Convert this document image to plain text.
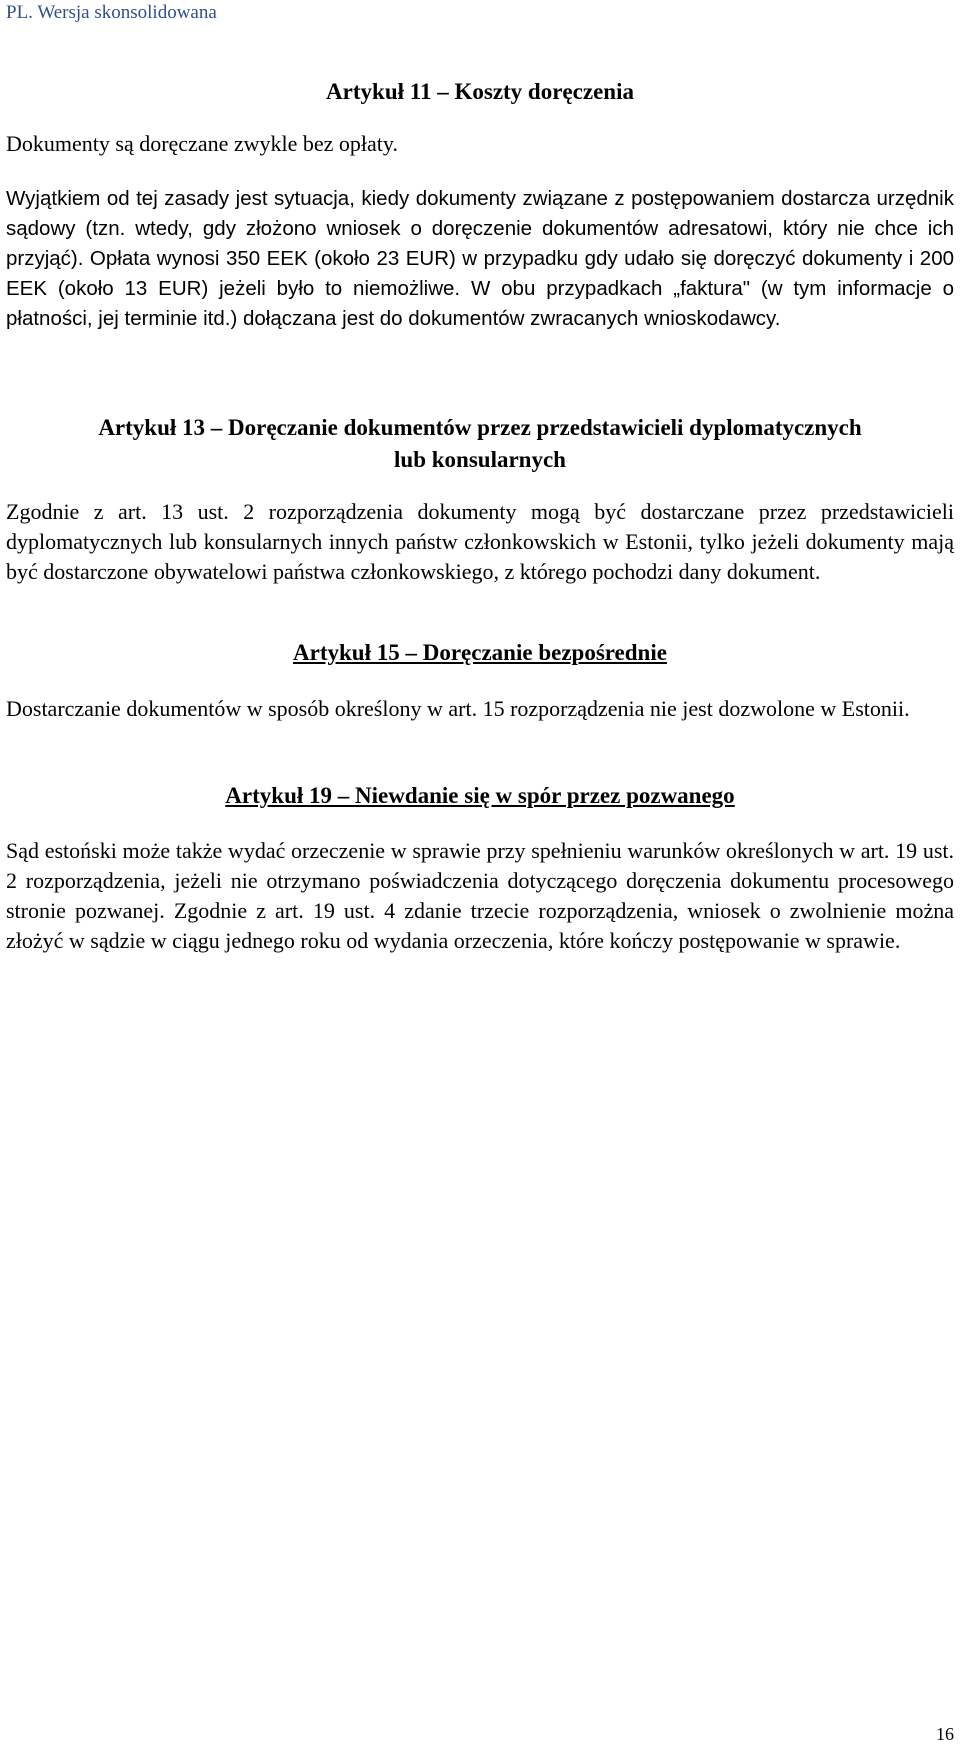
PL. Wersja skonsolidowana
Artykuł 11 – Koszty doręczenia

Dokumenty są doręczane zwykle bez opłaty.

Wyjątkiem od tej zasady jest sytuacja, kiedy dokumenty związane z postępowaniem dostarcza urzędnik sądowy (tzn. wtedy, gdy złożono wniosek o doręczenie dokumentów adresatowi, który nie chce ich przyjąć). Opłata wynosi 350 EEK (około 23 EUR) w przypadku gdy udało się doręczyć dokumenty i 200 EEK (około 13 EUR) jeżeli było to niemożliwe. W obu przypadkach „faktura" (w tym informacje o płatności, jej terminie itd.) dołączana jest do dokumentów zwracanych wnioskodawcy.

Artykuł 13 – Doręczanie dokumentów przez przedstawicieli dyplomatycznych lub konsularnych

Zgodnie z art. 13 ust. 2 rozporządzenia dokumenty mogą być dostarczane przez przedstawicieli dyplomatycznych lub konsularnych innych państw członkowskich w Estonii, tylko jeżeli dokumenty mają być dostarczone obywatelowi państwa członkowskiego, z którego pochodzi dany dokument.

Artykuł 15 – Doręczanie bezpośrednie

Dostarczanie dokumentów w sposób określony w art. 15 rozporządzenia nie jest dozwolone w Estonii.

Artykuł 19 – Niewdanie się w spór przez pozwanego

Sąd estoński może także wydać orzeczenie w sprawie przy spełnieniu warunków określonych w art. 19 ust. 2 rozporządzenia, jeżeli nie otrzymano poświadczenia dotyczącego doręczenia dokumentu procesowego stronie pozwanej. Zgodnie z art. 19 ust. 4 zdanie trzecie rozporządzenia, wniosek o zwolnienie można złożyć w sądzie w ciągu jednego roku od wydania orzeczenia, które kończy postępowanie w sprawie.

16
